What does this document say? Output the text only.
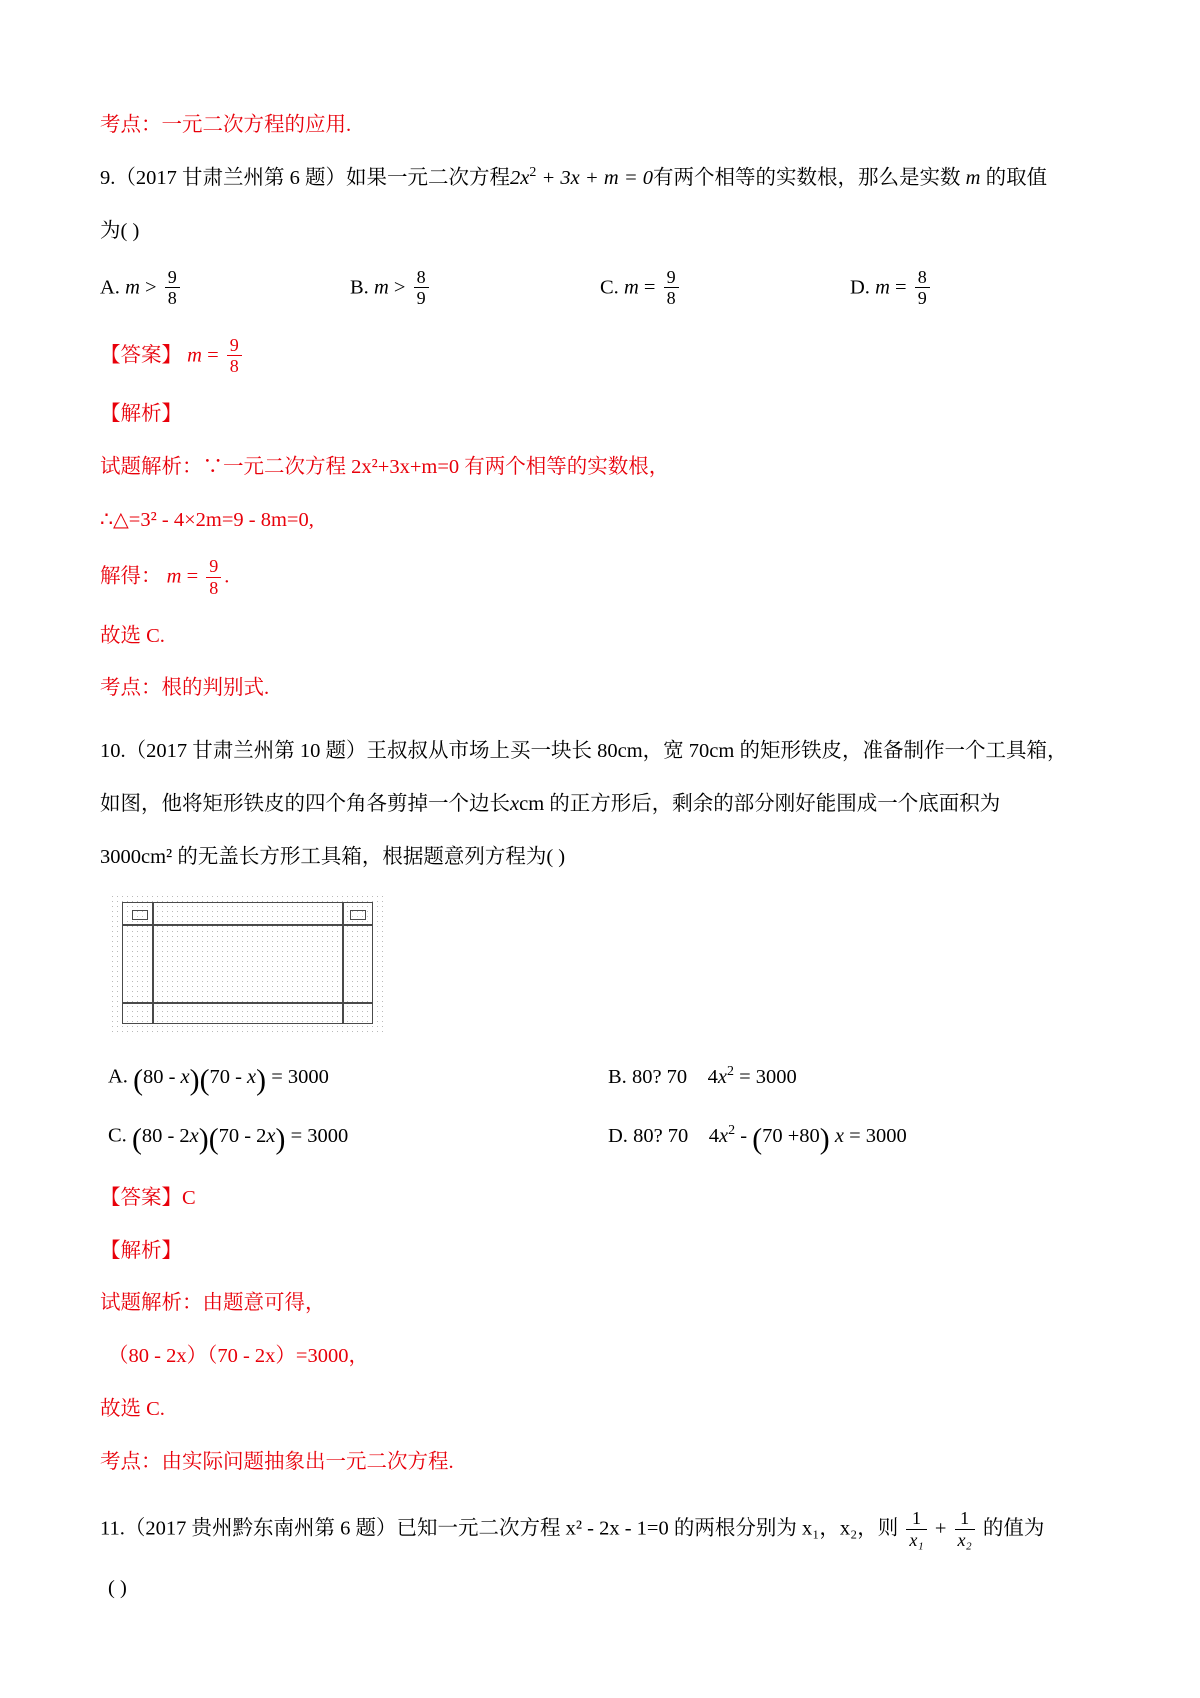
考点：一元二次方程的应用.
9.（2017 甘肃兰州第 6 题）如果一元二次方程$2x^2 + 3x + m = 0$有两个相等的实数根，那么是实数 m 的取值
为( )
A. $m > \frac{9}{8}$	B. $m > \frac{8}{9}$	C. $m = \frac{9}{8}$	D. $m = \frac{8}{9}$
【答案】 $m = \frac{9}{8}$
【解析】
试题解析：∵一元二次方程 2x²+3x+m=0 有两个相等的实数根，
∴△=3² - 4×2m=9 - 8m=0,
解得： $m = \frac{9}{8}$ .
故选 C.
考点：根的判别式.
10.（2017 甘肃兰州第 10 题）王叔叔从市场上买一块长 80cm，宽 70cm 的矩形铁皮，准备制作一个工具箱，
如图，他将矩形铁皮的四个角各剪掉一个边长xcm 的正方形后，剩余的部分刚好能围成一个底面积为
3000cm² 的无盖长方形工具箱，根据题意列方程为( )
A. (80 - x)(70 - x) = 3000	B. 80? 70    $4x^2 = 3000$
C. (80 - 2x)(70 - 2x) = 3000	D. 80? 70    $4x^2 - (70 +80) x = 3000$
【答案】C
【解析】
试题解析：由题意可得，
（80 - 2x）（70 - 2x）=3000，
故选 C.
考点：由实际问题抽象出一元二次方程.
11.（2017 贵州黔东南州第 6 题）已知一元二次方程 x² - 2x - 1=0 的两根分别为 x₁，x₂，则 $\frac{1}{\text{x₁}} + \frac{1}{\text{x₂}}$ 的值为
( )
